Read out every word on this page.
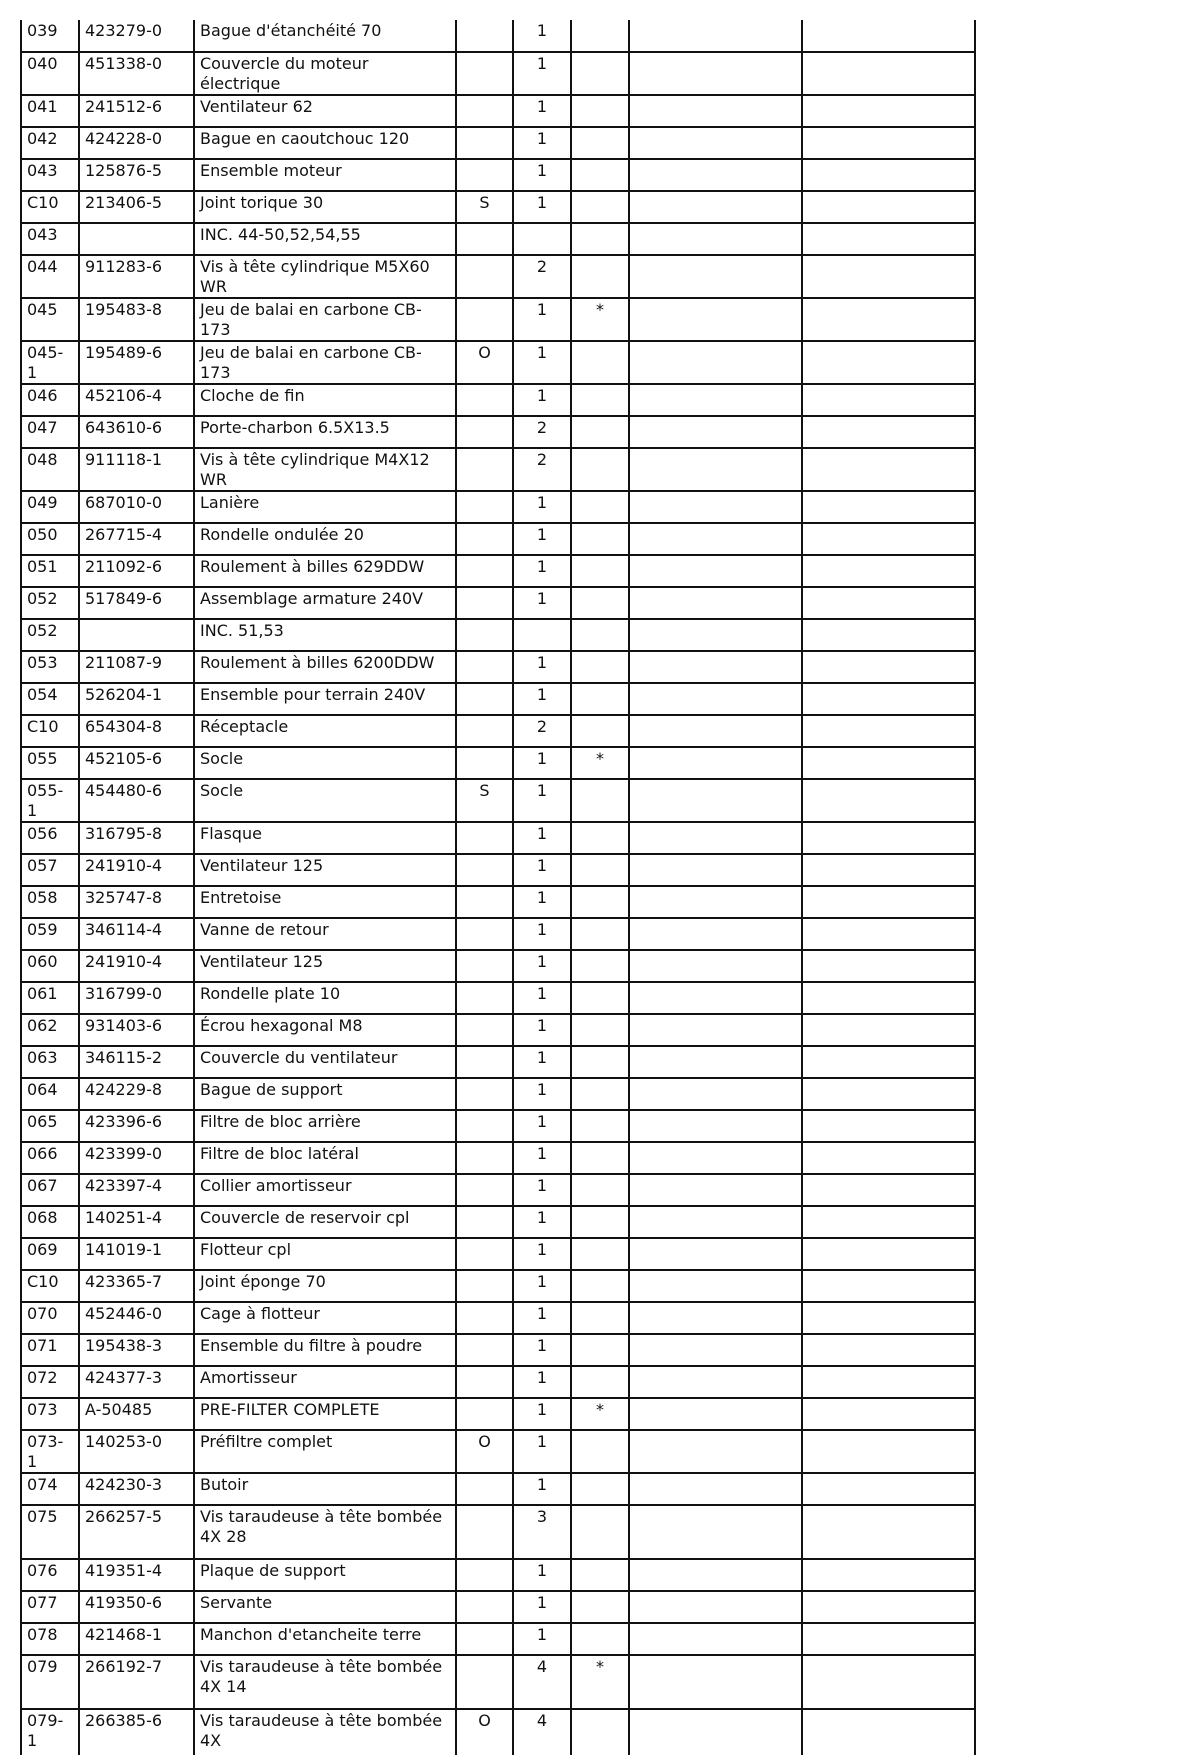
039	423279-0	Bague d'étanchéité 70		1			
040	451338-0	Couvercle du moteur électrique		1			
041	241512-6	Ventilateur 62		1			
042	424228-0	Bague en caoutchouc 120		1			
043	125876-5	Ensemble moteur		1			
C10	213406-5	Joint torique 30	S	1			
043		INC. 44-50,52,54,55					
044	911283-6	Vis à tête cylindrique M5X60 WR		2			
045	195483-8	Jeu de balai en carbone CB-173		1	*		
045-1	195489-6	Jeu de balai en carbone CB-173	O	1			
046	452106-4	Cloche de fin		1			
047	643610-6	Porte-charbon 6.5X13.5		2			
048	911118-1	Vis à tête cylindrique M4X12 WR		2			
049	687010-0	Lanière		1			
050	267715-4	Rondelle ondulée 20		1			
051	211092-6	Roulement à billes 629DDW		1			
052	517849-6	Assemblage armature 240V		1			
052		INC. 51,53					
053	211087-9	Roulement à billes 6200DDW		1			
054	526204-1	Ensemble pour terrain 240V		1			
C10	654304-8	Réceptacle		2			
055	452105-6	Socle		1	*		
055-1	454480-6	Socle	S	1			
056	316795-8	Flasque		1			
057	241910-4	Ventilateur 125		1			
058	325747-8	Entretoise		1			
059	346114-4	Vanne de retour		1			
060	241910-4	Ventilateur 125		1			
061	316799-0	Rondelle plate 10		1			
062	931403-6	Écrou hexagonal M8		1			
063	346115-2	Couvercle du ventilateur		1			
064	424229-8	Bague de support		1			
065	423396-6	Filtre de bloc arrière		1			
066	423399-0	Filtre de bloc latéral		1			
067	423397-4	Collier amortisseur		1			
068	140251-4	Couvercle de reservoir cpl		1			
069	141019-1	Flotteur cpl		1			
C10	423365-7	Joint éponge 70		1			
070	452446-0	Cage à flotteur		1			
071	195438-3	Ensemble du filtre à poudre		1			
072	424377-3	Amortisseur		1			
073	A-50485	PRE-FILTER COMPLETE		1	*		
073-1	140253-0	Préfiltre complet	O	1			
074	424230-3	Butoir		1			
075	266257-5	Vis taraudeuse à tête bombée 4X 28		3			
076	419351-4	Plaque de support		1			
077	419350-6	Servante		1			
078	421468-1	Manchon d'etancheite terre		1			
079	266192-7	Vis taraudeuse à tête bombée 4X 14		4	*		
079-1	266385-6	Vis taraudeuse à tête bombée 4X	O	4			
